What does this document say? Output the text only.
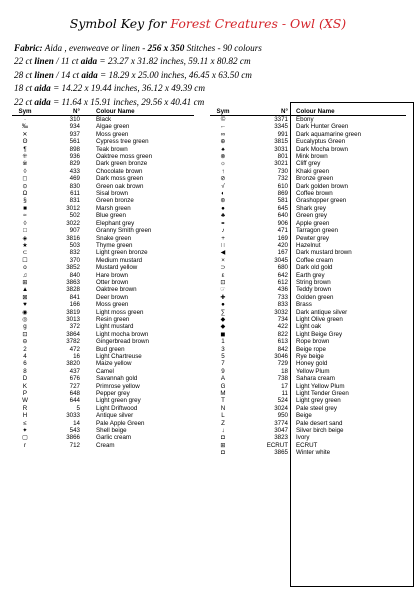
Symbol Key for Forest Creatures - Owl (XS)
Fabric: Aida , evenweave or linen - 256 x 350 Stitches - 90 colours
22 ct linen / 11 ct aida = 23.27 x 31.82 inches, 59.11 x 80.82 cm
28 ct linen / 14 ct aida = 18.29 x 25.00 inches, 46.45 x 63.50 cm
18 ct aida = 14.22 x 19.44 inches, 36.12 x 49.39 cm
22 ct aida = 11.64 x 15.91 inches, 29.56 x 40.41 cm
Sym	N°	Colour Name
·	310	Black
‰	934	Algae green
✕	937	Moss green
ʘ	561	Cypress tree green
¶	898	Teak brown
⁜	936	Oaktree moss green
※	829	Dark green bronze
◊	433	Chocolate brown
◻	469	Dark moss green
⊙	830	Green oak brown
Ω	611	Sisal brown
§	831	Green bronze
■	3012	Marsh green
≈	502	Blue green
◊	3022	Elephant grey
□	907	Granny Smith green
◈	3816	Snake green
★	503	Thyme green
⊂	832	Light green bronze
☐	370	Medium mustard
o	3852	Mustard yellow
♫	840	Hare brown
⊞	3863	Otter brown
▲	3828	Oaktree brown
⊠	841	Deer brown
♥	166	Moss green
◉	3819	Light moss green
◎	3013	Resin green
g	372	Light mustard
⊡	3864	Light mocha brown
⊖	3782	Gingerbread brown
2	472	Bud green
4	16	Light Chartreuse
6	3820	Maize yellow
8	437	Camel
D	676	Savannah gold
K	727	Primrose yellow
P	648	Pepper grey
W	644	Light green grey
R	5	Light Driftwood
H	3033	Antique silver
≤	14	Pale Apple Green
✦	543	Shell beige
▢	3866	Garlic cream
r	712	Cream
Sym	N° Colour Name
©	3371 Ebony
←	3345 Dark Hunter Green
∞	991 Dark aquamarine green
⊕	3815 Eucalyptus Green
♠	3031 Dark Mocha brown
⊗	801 Mink brown
☼	3021 Cliff grey
↑	730 Khaki green
⊘	732 Bronze green
√	610 Dark golden brown
◐	869 Coffee brown
⊛	581 Grashopper green
●	645 Shark grey
♣	640 Green grey
⚭	906 Apple green
♪	471 Tarragon green
+	169 Pewter grey
∷	420 Hazelnut
◀	167 Dark mustard brown
×	3045 Coffee cream
⊃	680 Dark old gold
ε	642 Earth grey
⊡	612 String brown
☞	436 Teddy brown
✚	733 Golden green
●	833 Brass
∑	3032 Dark antique silver
◆	734 Light Olive green
◆	422 Light oak
◼	822 Light Beige Grey
1	613 Rope brown
3	842 Beige rope
5	3046 Rye beige
7	729 Honey gold
9	18 Yellow Plum
A	738 Sahara cream
G	17 Light Yellow Plum
M	11 Light Tender Green
T	524 Light grey green
N	3024 Pale steel grey
L	950 Beige
Z	3774 Pale desert sand
↓	3047 Silver birch beige
◘	3823 Ivory
⊞	ECRUT ECRUT
◘	3865 Winter white
